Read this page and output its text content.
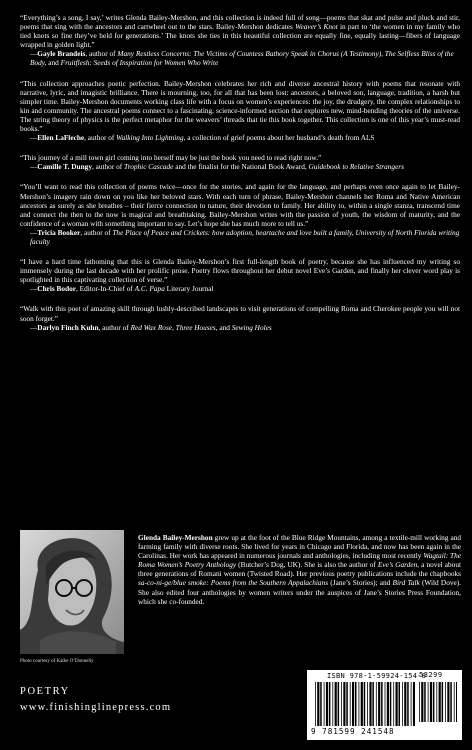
“Everything’s a song, I say,’ writes Glenda Bailey-Mershon, and this collection is indeed full of song—poems that skat and pulse and pluck and stir, poems that sing with the ancestors and cartwheel out to the stars. Bailey-Mershon dedicates Weaver’s Knot in part to ‘the women in my family who tied knots so fine they’ve held for generations.’ The knots she ties in this beautiful collection are equally fine, equally lasting—fibers of language wrapped in golden light.”
—Gayle Brandeis, author of Many Restless Concerns: The Victims of Countess Bathory Speak in Chorus (A Testimony), The Selfless Bliss of the Body, and Fruitflesh: Seeds of Inspiration for Women Who Write

“This collection approaches poetic perfection. Bailey-Mershon celebrates her rich and diverse ancestral history with poems that resonate with narrative, lyric, and imagistic brilliance. There is mourning, too, for all that has been lost: ancestors, a beloved son, language, tradition, a harsh but simpler time. Bailey-Mershon documents working class life with a focus on women’s experiences: the joy, the drudgery, the complex relationships to kin and community. The ancestral poems connect to a fascinating, science-informed section that explores new, mind-bending theories of the universe. The string theory of physics is the perfect metaphor for the weavers’ threads that tie this book together. This collection is one of this year’s must-read books.”
—Ellen LaFleche, author of Walking Into Lightning, a collection of grief poems about her husband’s death from ALS

“This journey of a mill town girl coming into herself may be just the book you need to read right now.”
—Camille T. Dungy, author of Trophic Cascade and the finalist for the National Book Award, Guidebook to Relative Strangers

“You’ll want to read this collection of poems twice—once for the stories, and again for the language, and perhaps even once again to let Bailey-Mershon’s imagery rain down on you like her beloved stars. With each turn of phrase, Bailey-Mershon channels her Roma and Native American ancestors as surely as she breathes – their fierce connection to nature, their devotion to family. Her ability to, within a single stanza, transcend time and connect the then to the now is magical and breathtaking. Bailey-Mershon writes with the passion of youth, the wisdom of maturity, and the confidence of a woman with something important to say. Let’s hope she has much more to tell us.”
—Tricia Booker, author of The Place of Peace and Crickets: how adoption, heartache and love built a family, University of North Florida writing faculty

“I have a hard time fathoming that this is Glenda Bailey-Mershon’s first full-length book of poetry, because she has influenced my writing so immensely during the last decade with her prolific prose. Poetry flows throughout her debut novel Eve’s Garden, and finally her clever word play is spotlighted in this captivating collection of verse.”
—Chris Bodor, Editor-In-Chief of A.C. Papa Literary Journal

“Walk with this poet of amazing skill through lushly-described landscapes to visit generations of compelling Roma and Cherokee people you will not soon forget.”
—Darlyn Finch Kuhn, author of Red Wax Rose, Three Houses, and Sewing Holes

Photo courtesy of Kathe O’Donnelly

Glenda Bailey-Mershon grew up at the foot of the Blue Ridge Mountains, among a textile-mill working and farming family with diverse roots. She lived for years in Chicago and Florida, and now has been again in the Carolinas. Her work has appeared in numerous journals and anthologies, including most recently Wagtail: The Roma Women’s Poetry Anthology (Butcher’s Dog, UK). She is also the author of Eve’s Garden, a novel about three generations of Romani women (Twisted Road). Her previous poetry publications include the chapbooks sa-co-ni-ge/blue smoke: Poems from the Southern Appalachians (Jane’s Stories); and Bird Talk (Wild Dove). She also edited four anthologies by women writers under the auspices of Jane’s Stories Press Foundation, which she co-founded.

POETRY
www.finishinglinepress.com
ISBN 978-1-59924-154-8
53299
9 781599 241548
